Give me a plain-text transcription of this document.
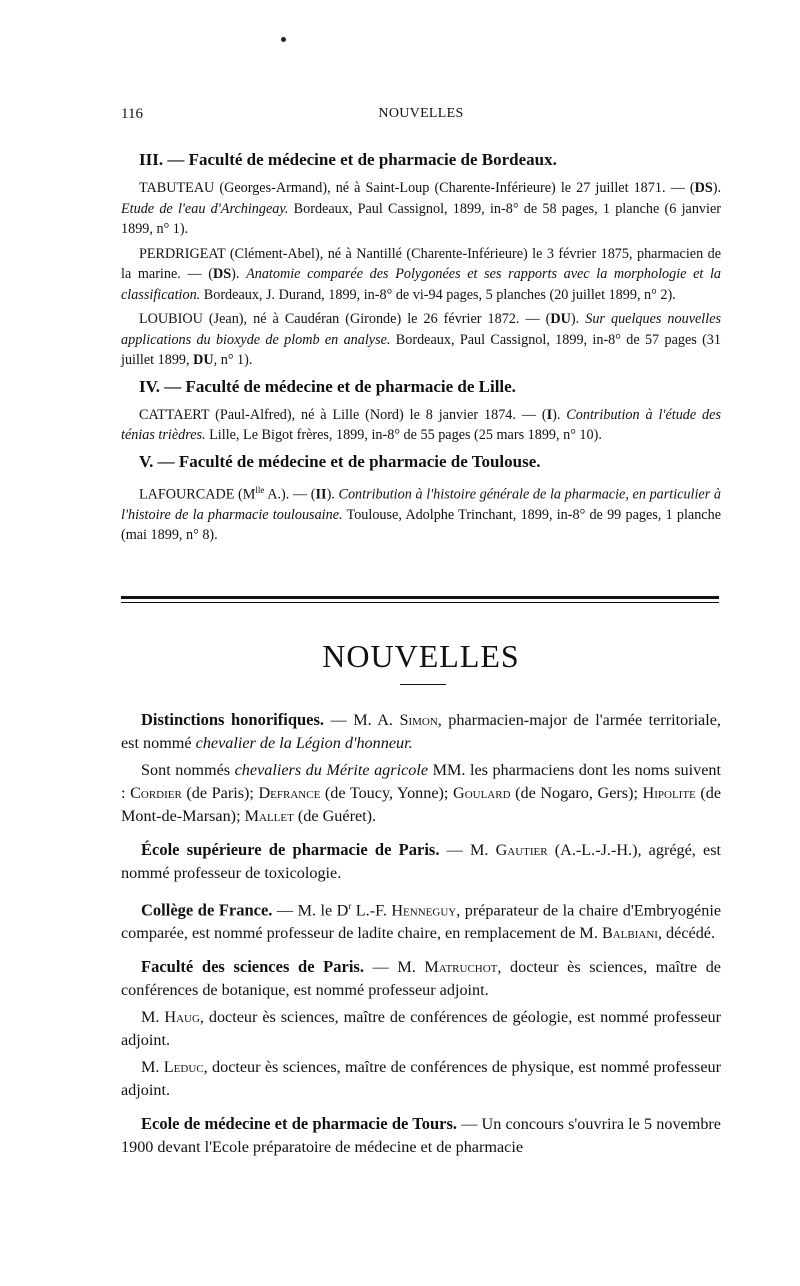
116	NOUVELLES
III. — Faculté de médecine et de pharmacie de Bordeaux.

TABUTEAU (Georges-Armand), né à Saint-Loup (Charente-Inférieure) le 27 juillet 1871. — (DS). Etude de l'eau d'Archingeay. Bordeaux, Paul Cassignol, 1899, in-8° de 58 pages, 1 planche (6 janvier 1899, n° 1).

PERDRIGEAT (Clément-Abel), né à Nantillé (Charente-Inférieure) le 3 février 1875, pharmacien de la marine. — (DS). Anatomie comparée des Polygonées et ses rapports avec la morphologie et la classification. Bordeaux, J. Durand, 1899, in-8° de vi-94 pages, 5 planches (20 juillet 1899, n° 2).

LOUBIOU (Jean), né à Caudéran (Gironde) le 26 février 1872. — (DU). Sur quelques nouvelles applications du bioxyde de plomb en analyse. Bordeaux, Paul Cassignol, 1899, in-8° de 57 pages (31 juillet 1899, DU, n° 1).

IV. — Faculté de médecine et de pharmacie de Lille.

CATTAERT (Paul-Alfred), né à Lille (Nord) le 8 janvier 1874. — (I). Contribution à l'étude des ténias trièdres. Lille, Le Bigot frères, 1899, in-8° de 55 pages (25 mars 1899, n° 10).

V. — Faculté de médecine et de pharmacie de Toulouse.

LAFOURCADE ($M^{lle}$ A.). — (II). Contribution à l'histoire générale de la pharmacie, en particulier à l'histoire de la pharmacie toulousaine. Toulouse, Adolphe Trinchant, 1899, in-8° de 99 pages, 1 planche (mai 1899, n° 8).

NOUVELLES

Distinctions honorifiques. — M. A. Simon, pharmacien-major de l'armée territoriale, est nommé chevalier de la Légion d'honneur.

Sont nommés chevaliers du Mérite agricole MM. les pharmaciens dont les noms suivent : Cordier (de Paris); Defrance (de Toucy, Yonne); Goulard (de Nogaro, Gers); Hipolite (de Mont-de-Marsan); Mallet (de Guéret).

École supérieure de pharmacie de Paris. — M. Gautier (A.-L.-J.-H.), agrégé, est nommé professeur de toxicologie.

Collège de France. — M. le $D^r$ L.-F. Henneguy, préparateur de la chaire d'Embryogénie comparée, est nommé professeur de ladite chaire, en remplacement de M. Balbiani, décédé.

Faculté des sciences de Paris. — M. Matruchot, docteur ès sciences, maître de conférences de botanique, est nommé professeur adjoint.

M. Haug, docteur ès sciences, maître de conférences de géologie, est nommé professeur adjoint.

M. Leduc, docteur ès sciences, maître de conférences de physique, est nommé professeur adjoint.

Ecole de médecine et de pharmacie de Tours. — Un concours s'ouvrira le 5 novembre 1900 devant l'Ecole préparatoire de médecine et de pharmacie
